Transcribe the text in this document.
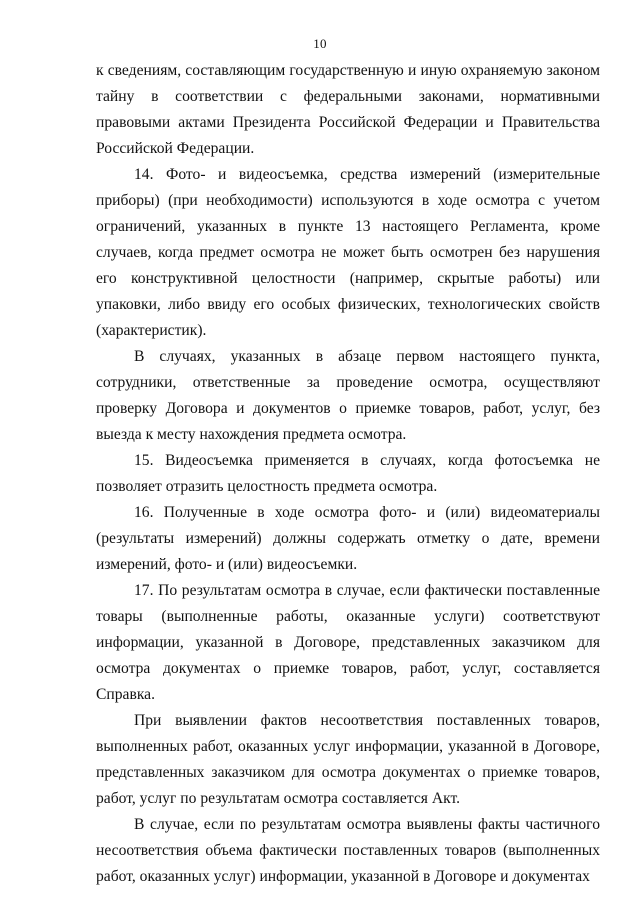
10

к сведениям, составляющим государственную и иную охраняемую законом тайну в соответствии с федеральными законами, нормативными правовыми актами Президента Российской Федерации и Правительства Российской Федерации.

14. Фото- и видеосъемка, средства измерений (измерительные приборы) (при необходимости) используются в ходе осмотра с учетом ограничений, указанных в пункте 13 настоящего Регламента, кроме случаев, когда предмет осмотра не может быть осмотрен без нарушения его конструктивной целостности (например, скрытые работы) или упаковки, либо ввиду его особых физических, технологических свойств (характеристик).

В случаях, указанных в абзаце первом настоящего пункта, сотрудники, ответственные за проведение осмотра, осуществляют проверку Договора и документов о приемке товаров, работ, услуг, без выезда к месту нахождения предмета осмотра.

15. Видеосъемка применяется в случаях, когда фотосъемка не позволяет отразить целостность предмета осмотра.

16. Полученные в ходе осмотра фото- и (или) видеоматериалы (результаты измерений) должны содержать отметку о дате, времени измерений, фото- и (или) видеосъемки.

17. По результатам осмотра в случае, если фактически поставленные товары (выполненные работы, оказанные услуги) соответствуют информации, указанной в Договоре, представленных заказчиком для осмотра документах о приемке товаров, работ, услуг, составляется Справка.

При выявлении фактов несоответствия поставленных товаров, выполненных работ, оказанных услуг информации, указанной в Договоре, представленных заказчиком для осмотра документах о приемке товаров, работ, услуг по результатам осмотра составляется Акт.

В случае, если по результатам осмотра выявлены факты частичного несоответствия объема фактически поставленных товаров (выполненных работ, оказанных услуг) информации, указанной в Договоре и документах
